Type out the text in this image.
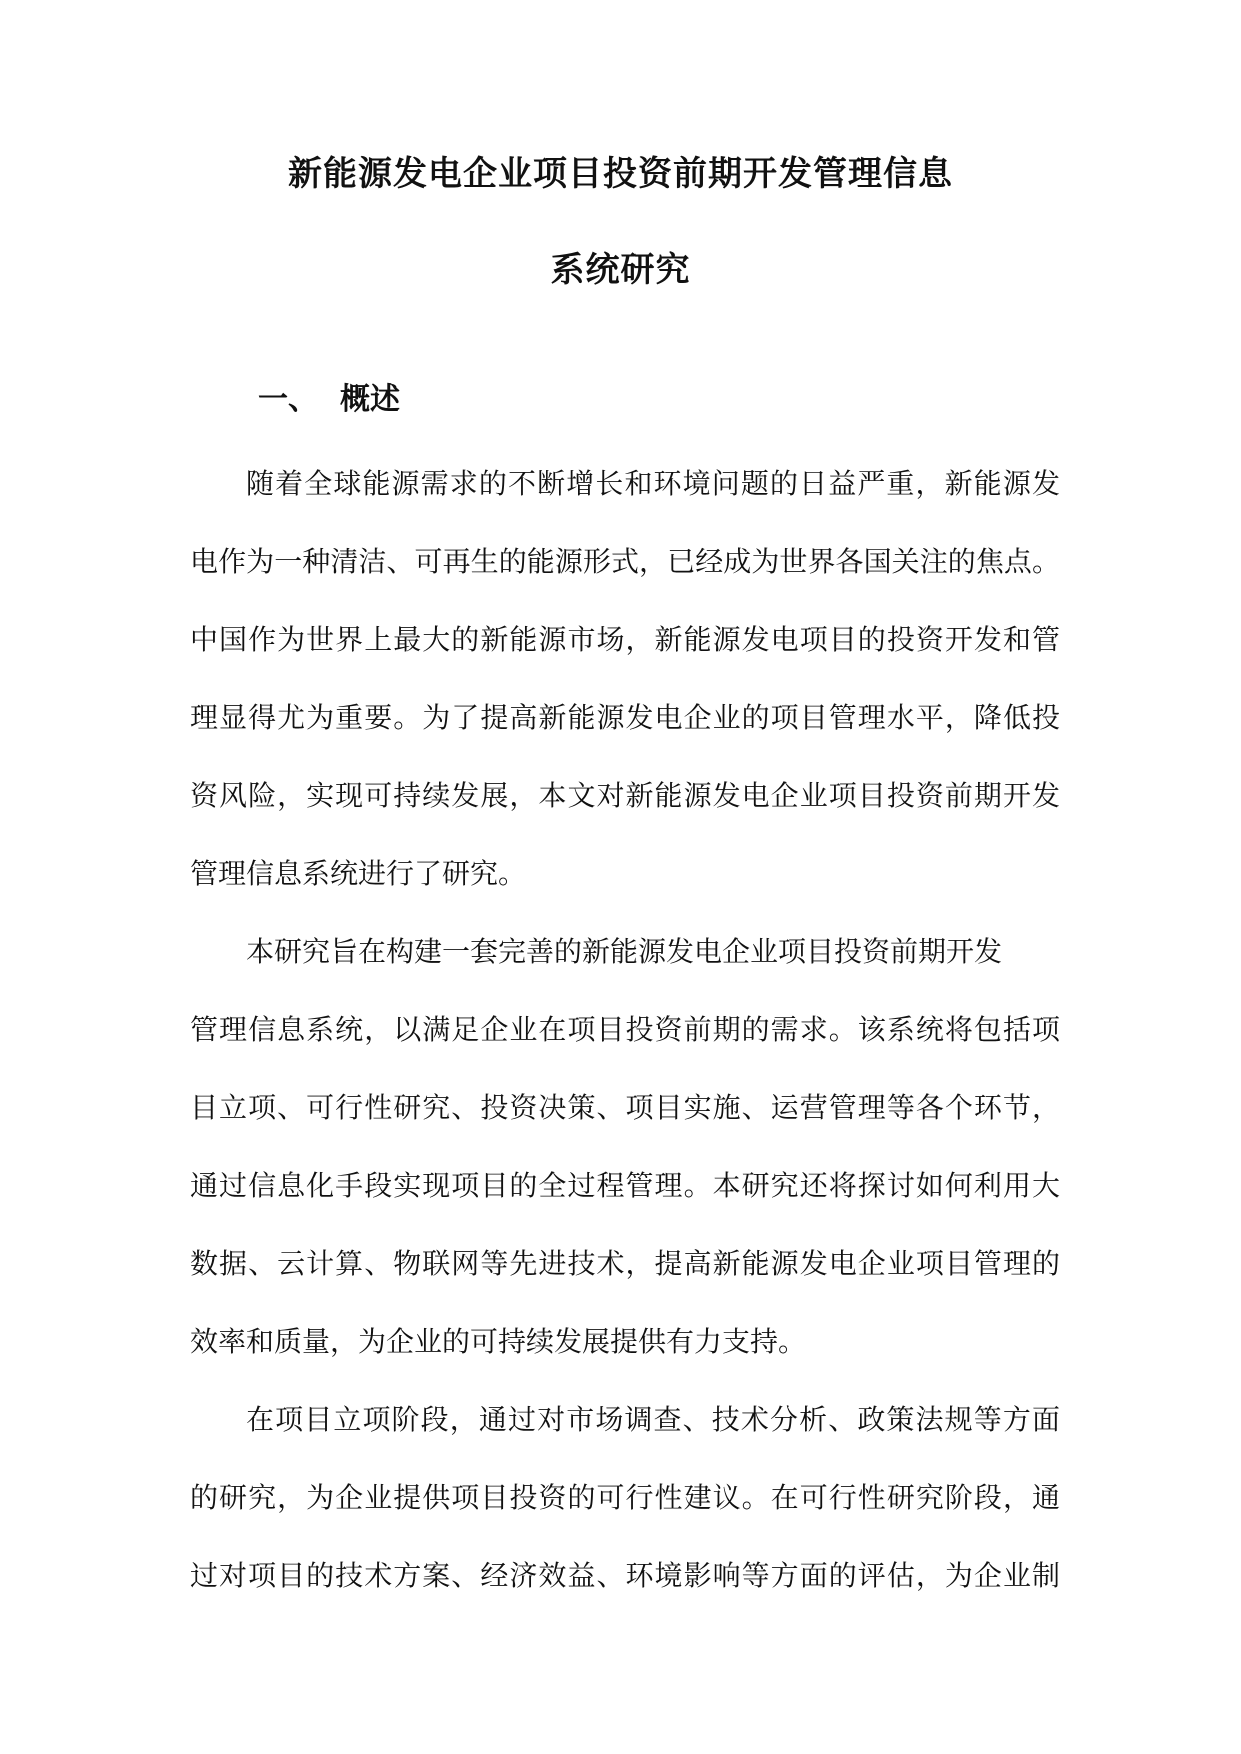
新能源发电企业项目投资前期开发管理信息
系统研究
一、 概述
随着全球能源需求的不断增长和环境问题的日益严重，新能源发
电作为一种清洁、可再生的能源形式，已经成为世界各国关注的焦点。
中国作为世界上最大的新能源市场，新能源发电项目的投资开发和管
理显得尤为重要。为了提高新能源发电企业的项目管理水平，降低投
资风险，实现可持续发展，本文对新能源发电企业项目投资前期开发
管理信息系统进行了研究。
本研究旨在构建一套完善的新能源发电企业项目投资前期开发
管理信息系统，以满足企业在项目投资前期的需求。该系统将包括项
目立项、可行性研究、投资决策、项目实施、运营管理等各个环节，
通过信息化手段实现项目的全过程管理。本研究还将探讨如何利用大
数据、云计算、物联网等先进技术，提高新能源发电企业项目管理的
效率和质量，为企业的可持续发展提供有力支持。
在项目立项阶段，通过对市场调查、技术分析、政策法规等方面
的研究，为企业提供项目投资的可行性建议。在可行性研究阶段，通
过对项目的技术方案、经济效益、环境影响等方面的评估，为企业制
